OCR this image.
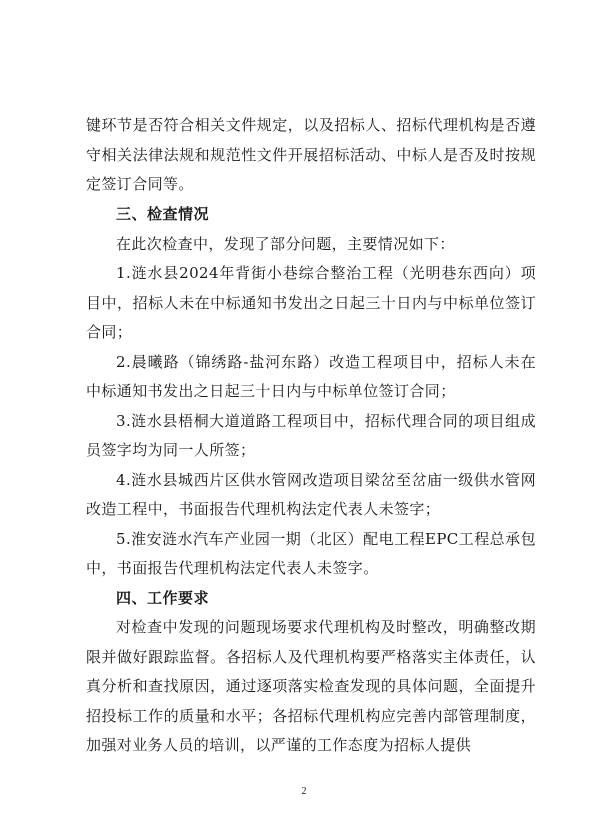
键环节是否符合相关文件规定，以及招标人、招标代理机构是否遵守相关法律法规和规范性文件开展招标活动、中标人是否及时按规定签订合同等。

三、检查情况

在此次检查中，发现了部分问题，主要情况如下：

1.涟水县2024年背街小巷综合整治工程（光明巷东西向）项目中，招标人未在中标通知书发出之日起三十日内与中标单位签订合同；

2.晨曦路（锦绣路-盐河东路）改造工程项目中，招标人未在中标通知书发出之日起三十日内与中标单位签订合同；

3.涟水县梧桐大道道路工程项目中，招标代理合同的项目组成员签字均为同一人所签；

4.涟水县城西片区供水管网改造项目梁岔至岔庙一级供水管网改造工程中，书面报告代理机构法定代表人未签字；

5.淮安涟水汽车产业园一期（北区）配电工程EPC工程总承包中，书面报告代理机构法定代表人未签字。

四、工作要求

对检查中发现的问题现场要求代理机构及时整改，明确整改期限并做好跟踪监督。各招标人及代理机构要严格落实主体责任，认真分析和查找原因，通过逐项落实检查发现的具体问题，全面提升招投标工作的质量和水平；各招标代理机构应完善内部管理制度，加强对业务人员的培训，以严谨的工作态度为招标人提供

2
